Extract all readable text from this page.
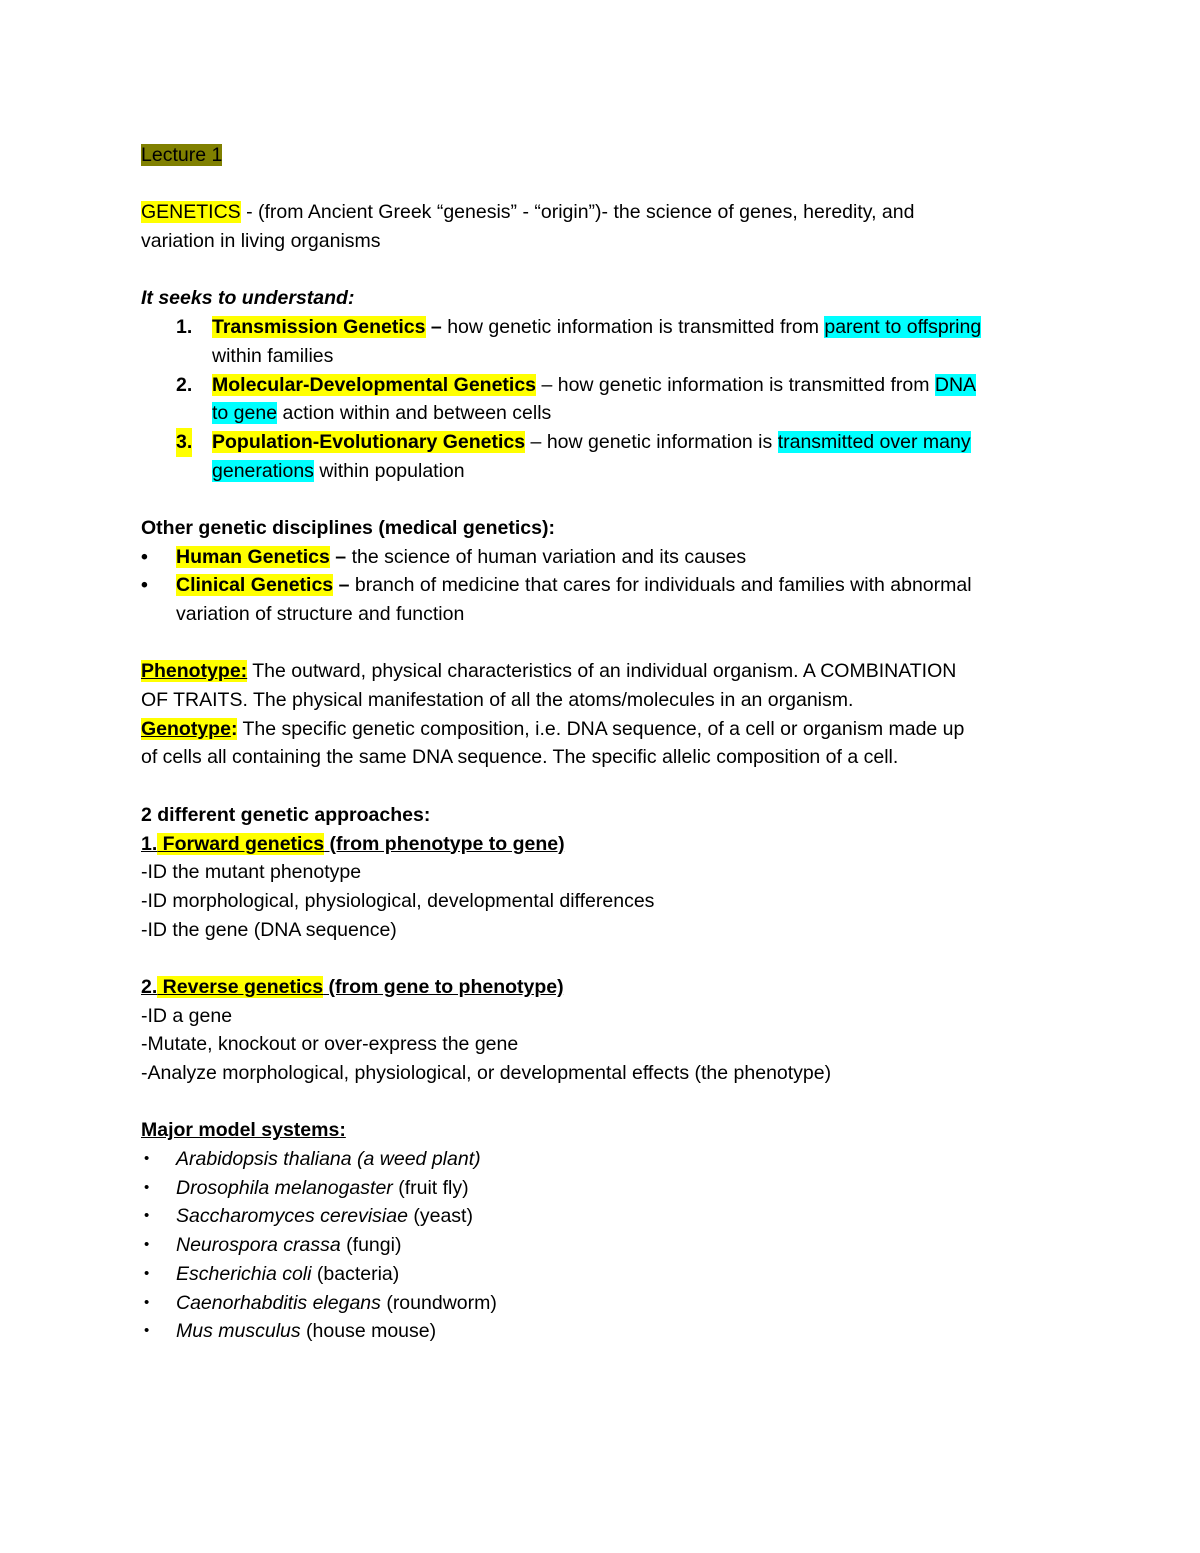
Lecture 1
GENETICS - (from Ancient Greek “genesis” - “origin”)- the science of genes, heredity, and
variation in living organisms
It seeks to understand:
1. Transmission Genetics – how genetic information is transmitted from parent to offspring
within families
2. Molecular-Developmental Genetics – how genetic information is transmitted from DNA
to gene action within and between cells
3. Population-Evolutionary Genetics – how genetic information is transmitted over many
generations within population
Other genetic disciplines (medical genetics):
• Human Genetics – the science of human variation and its causes
• Clinical Genetics – branch of medicine that cares for individuals and families with abnormal
variation of structure and function
Phenotype: The outward, physical characteristics of an individual organism. A COMBINATION
OF TRAITS. The physical manifestation of all the atoms/molecules in an organism.
Genotype: The specific genetic composition, i.e. DNA sequence, of a cell or organism made up
of cells all containing the same DNA sequence. The specific allelic composition of a cell.
2 different genetic approaches:
1. Forward genetics (from phenotype to gene)
-ID the mutant phenotype
-ID morphological, physiological, developmental differences
-ID the gene (DNA sequence)
2. Reverse genetics (from gene to phenotype)
-ID a gene
-Mutate, knockout or over-express the gene
-Analyze morphological, physiological, or developmental effects (the phenotype)
Major model systems:
• Arabidopsis thaliana (a weed plant)
• Drosophila melanogaster (fruit fly)
• Saccharomyces cerevisiae (yeast)
• Neurospora crassa (fungi)
• Escherichia coli (bacteria)
• Caenorhabditis elegans (roundworm)
• Mus musculus (house mouse)
